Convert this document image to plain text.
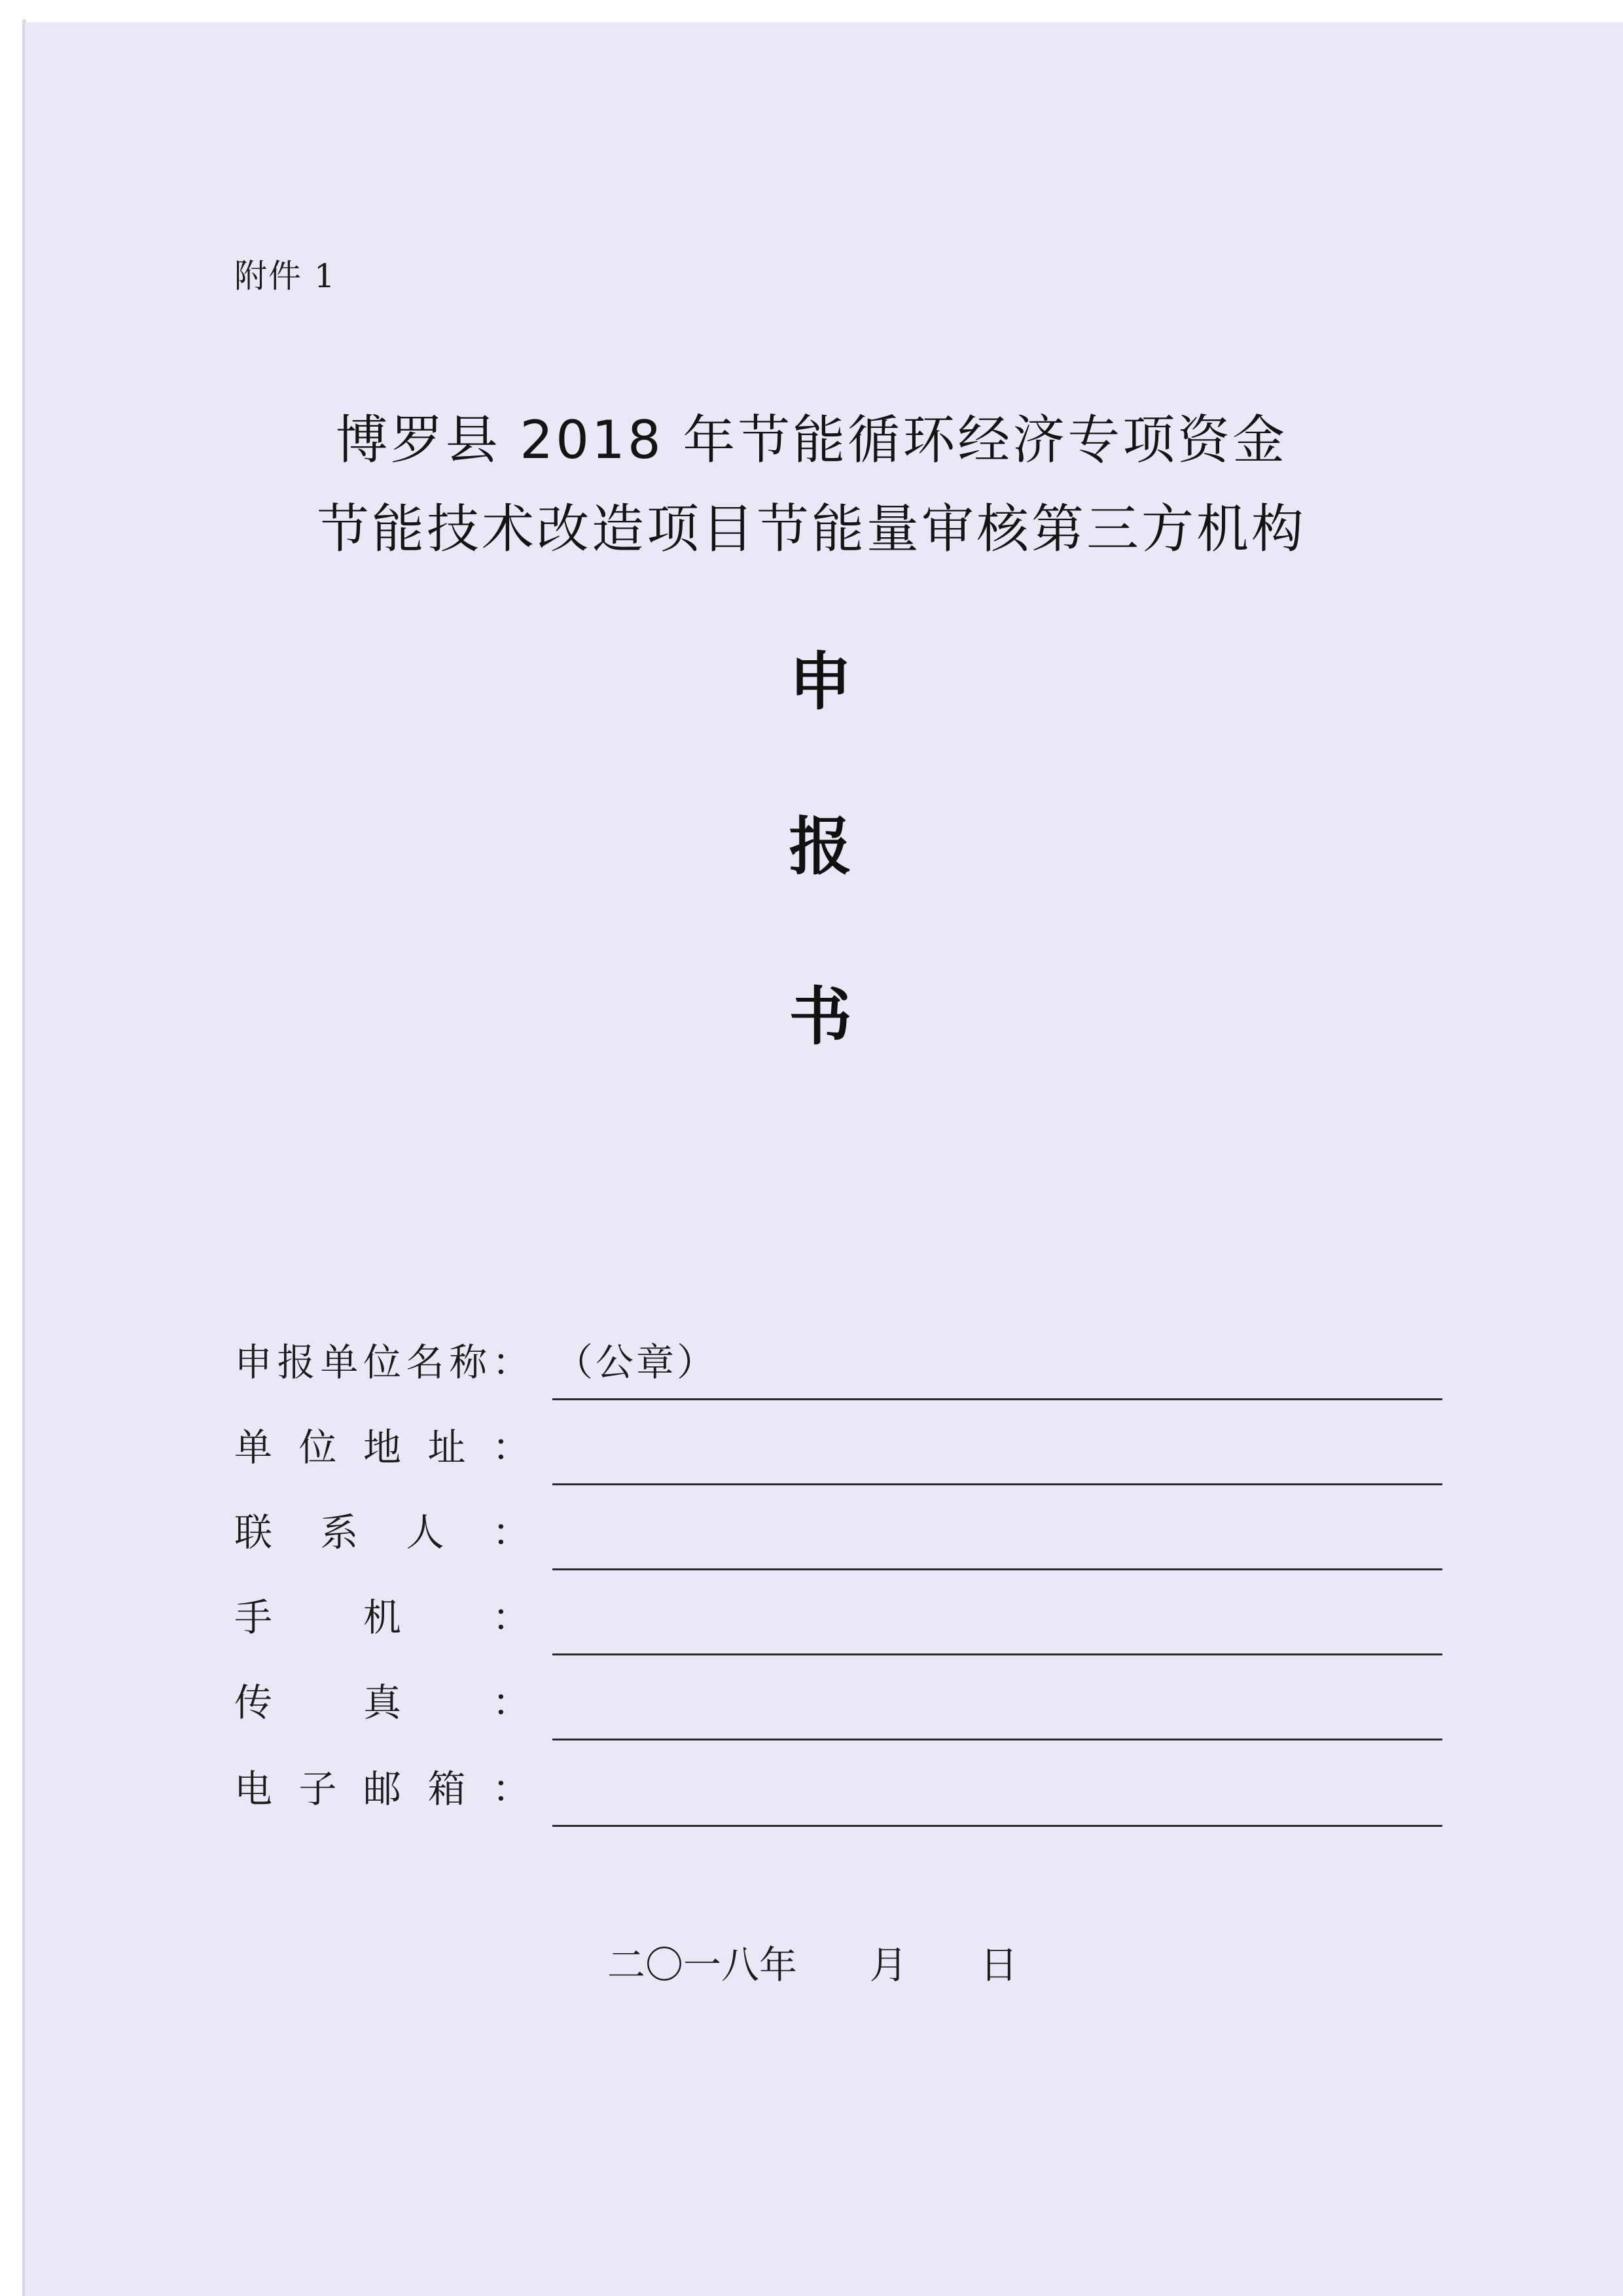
附件 1
博罗县 2018 年节能循环经济专项资金
节能技术改造项目节能量审核第三方机构
申
报
书
申 报 单 位 名 称 ： （公章）
单 位 地 址 ：
联 系 人 ：
手 机 ：
传 真 ：
电 子 邮 箱 ：
二〇一八年      月      日
